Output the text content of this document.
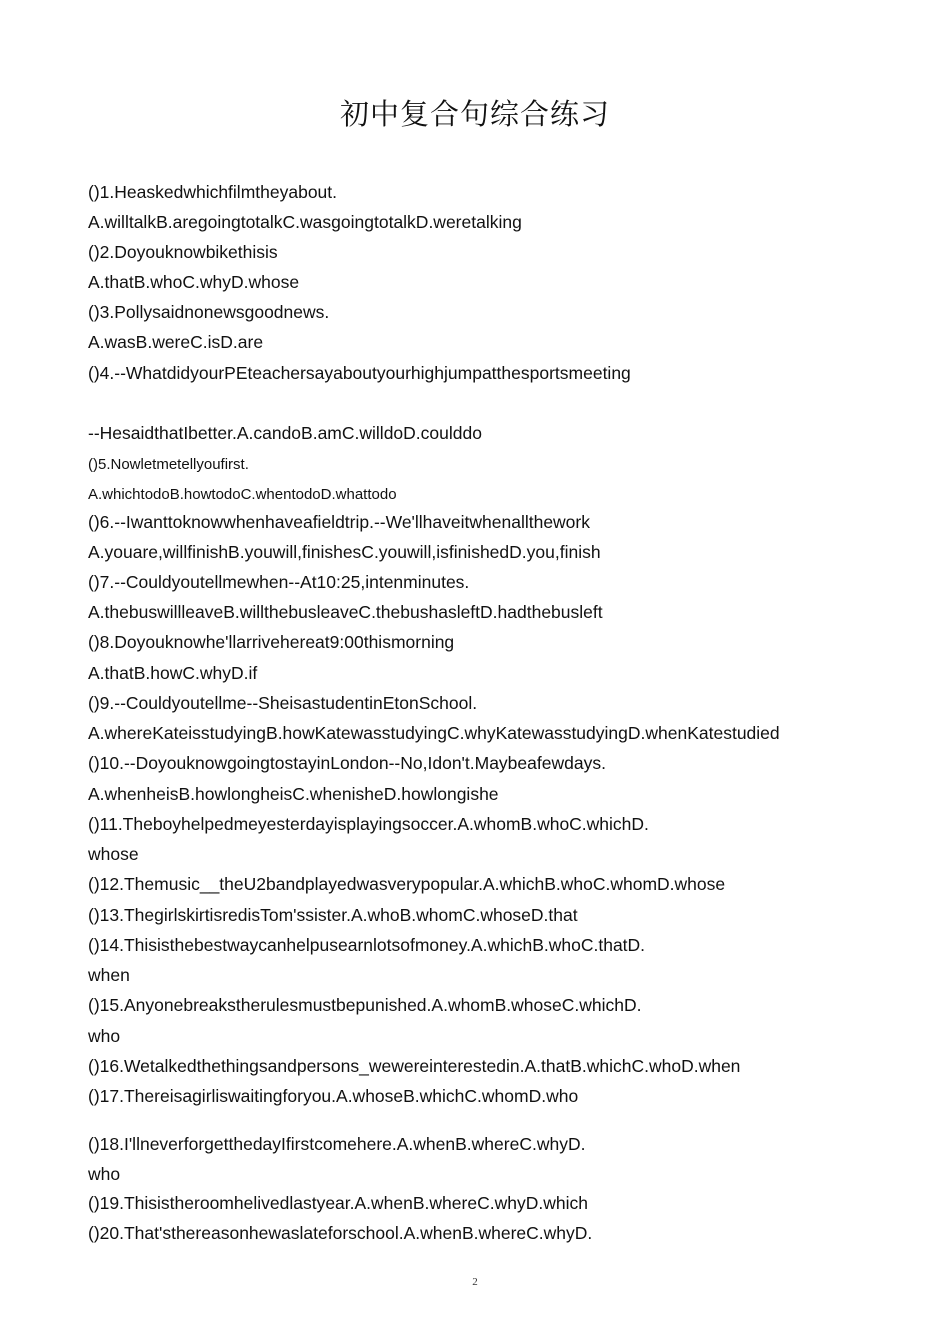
初中复合句综合练习
()1.Heaskedwhichfilmtheyabout.
A.willtalkB.aregoingtotalkC.wasgoingtotalkD.weretalking
()2.Doyouknowbikethisis
A.thatB.whoC.whyD.whose
()3.Pollysaidnonewsgoodnews.
A.wasB.wereC.isD.are
()4.--WhatdidyourPEteachersayaboutyourhighjumpatthesportsmeeting
--HesaidthatIbetter.A.candoB.amC.willdoD.coulddo
()5.Nowletmetellyoufirst.
A.whichtodoB.howtodoC.whentodoD.whattodo
()6.--Iwanttoknowwhenhaveafieldtrip.--We'llhaveitwhenallthework
A.youare,willfinishB.youwill,finishesC.youwill,isfinishedD.you,finish
()7.--Couldyoutellmewhen--At10:25,intenminutes.
A.thebuswillleaveB.willthebusleaveC.thebushasleftD.hadthebusleft
()8.Doyouknowhe'llarrivehereat9:00thismorning
A.thatB.howC.whyD.if
()9.--Couldyoutellme--SheisastudentinEtonSchool.
A.whereKateisstudyingB.howKatewasstudyingC.whyKatewasstudyingD.whenKatestudied
()10.--DoyouknowgoingtostayinLondon--No,Idon't.Maybeafewdays.
A.whenheisB.howlongheisC.whenisheD.howlongishe
()11.Theboyhelpedmeyesterdayisplayingsoccer.A.whomB.whoC.whichD.
whose
()12.Themusic__theU2bandplayedwasverypopular.A.whichB.whoC.whomD.whose
()13.ThegirlskirtisredisTom'ssister.A.whoB.whomC.whoseD.that
()14.Thisisthebestwaycanhelpusearnlotsofmoney.A.whichB.whoC.thatD.
when
()15.Anyonebreakstherulesmustbepunished.A.whomB.whoseC.whichD.
who
()16.Wetalkedthethingsandpersons_wewereinterestedin.A.thatB.whichC.whoD.when
()17.Thereisagirliswaitingforyou.A.whoseB.whichC.whomD.who
()18.I'llneverforgetthedayIfirstcomehere.A.whenB.whereC.whyD.
who
()19.Thisistheroomhelivedlastyear.A.whenB.whereC.whyD.which
()20.That'sthereasonhewaslateforschool.A.whenB.whereC.whyD.
2
